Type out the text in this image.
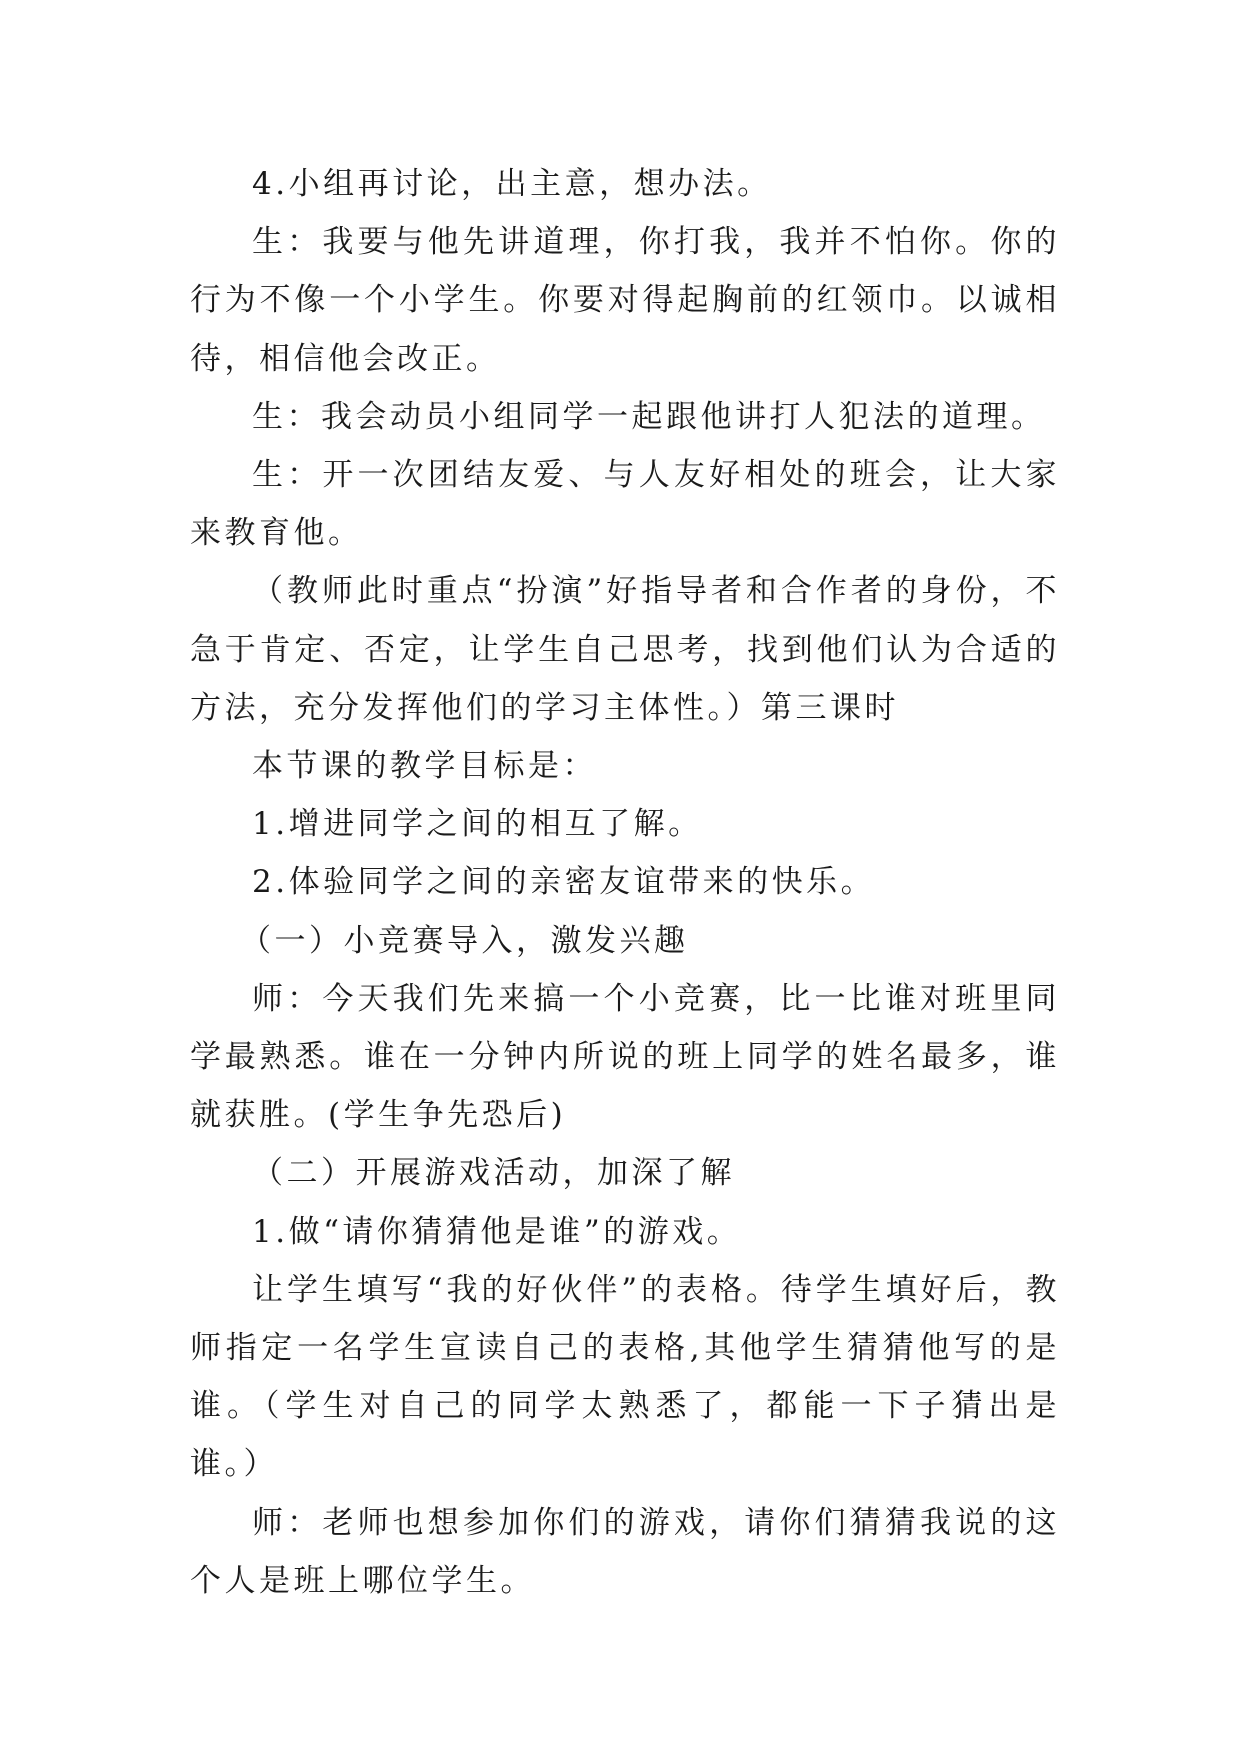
4.小组再讨论，出主意，想办法。

生：我要与他先讲道理，你打我，我并不怕你。你的行为不像一个小学生。你要对得起胸前的红领巾。以诚相待，相信他会改正。

生：我会动员小组同学一起跟他讲打人犯法的道理。

生：开一次团结友爱、与人友好相处的班会，让大家来教育他。

（教师此时重点“扮演”好指导者和合作者的身份，不急于肯定、否定，让学生自己思考，找到他们认为合适的方法，充分发挥他们的学习主体性。）第三课时

本节课的教学目标是：

1.增进同学之间的相互了解。

2.体验同学之间的亲密友谊带来的快乐。

（一）小竞赛导入，激发兴趣

师：今天我们先来搞一个小竞赛，比一比谁对班里同学最熟悉。谁在一分钟内所说的班上同学的姓名最多，谁就获胜。(学生争先恐后)

（二）开展游戏活动，加深了解

1.做“请你猜猜他是谁”的游戏。

让学生填写“我的好伙伴”的表格。待学生填好后，教师指定一名学生宣读自己的表格,其他学生猜猜他写的是谁。（学生对自己的同学太熟悉了，都能一下子猜出是谁。）

师：老师也想参加你们的游戏，请你们猜猜我说的这个人是班上哪位学生。
